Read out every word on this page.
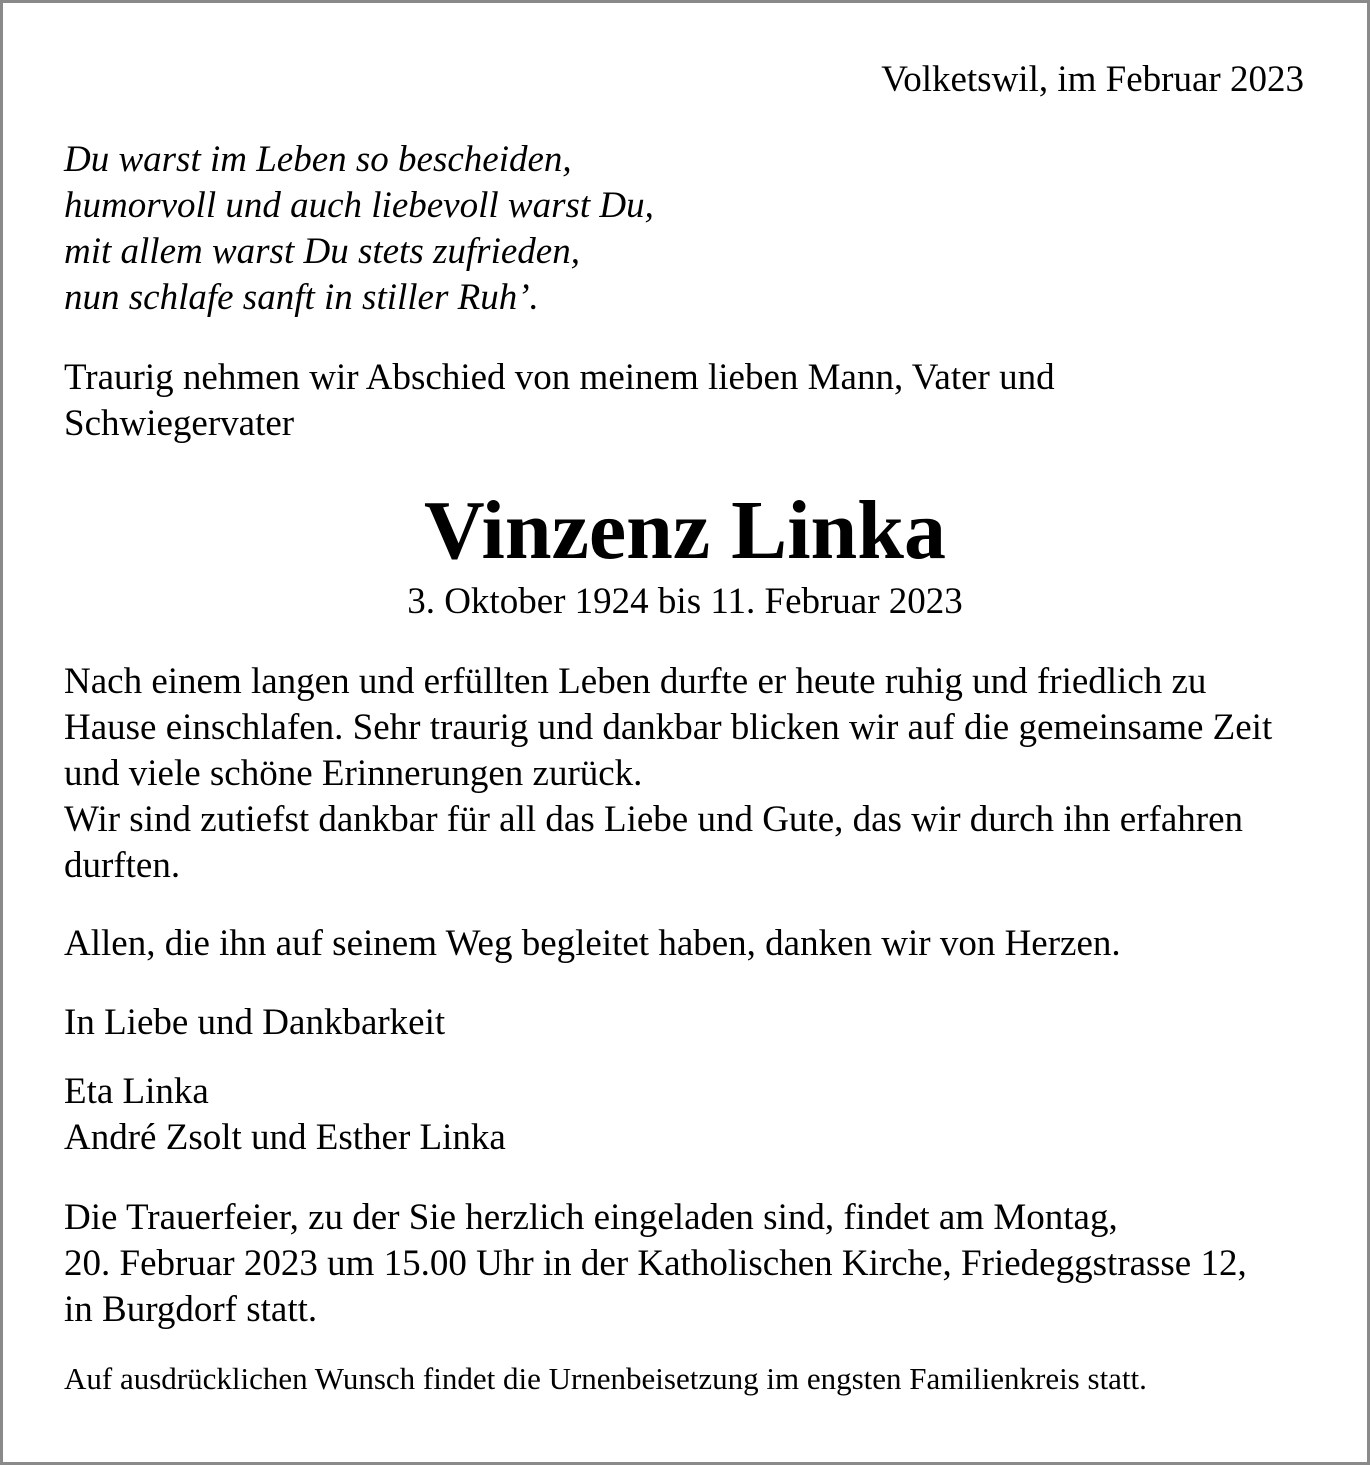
Volketswil, im Februar 2023

Du warst im Leben so bescheiden,
humorvoll und auch liebevoll warst Du,
mit allem warst Du stets zufrieden,
nun schlafe sanft in stiller Ruh’.

Traurig nehmen wir Abschied von meinem lieben Mann, Vater und
Schwiegervater

Vinzenz Linka

3. Oktober 1924 bis 11. Februar 2023

Nach einem langen und erfüllten Leben durfte er heute ruhig und friedlich zu
Hause einschlafen. Sehr traurig und dankbar blicken wir auf die gemeinsame Zeit
und viele schöne Erinnerungen zurück.
Wir sind zutiefst dankbar für all das Liebe und Gute, das wir durch ihn erfahren
durften.

Allen, die ihn auf seinem Weg begleitet haben, danken wir von Herzen.

In Liebe und Dankbarkeit

Eta Linka
André Zsolt und Esther Linka

Die Trauerfeier, zu der Sie herzlich eingeladen sind, findet am Montag,
20. Februar 2023 um 15.00 Uhr in der Katholischen Kirche, Friedeggstrasse 12,
in Burgdorf statt.

Auf ausdrücklichen Wunsch findet die Urnenbeisetzung im engsten Familienkreis statt.
